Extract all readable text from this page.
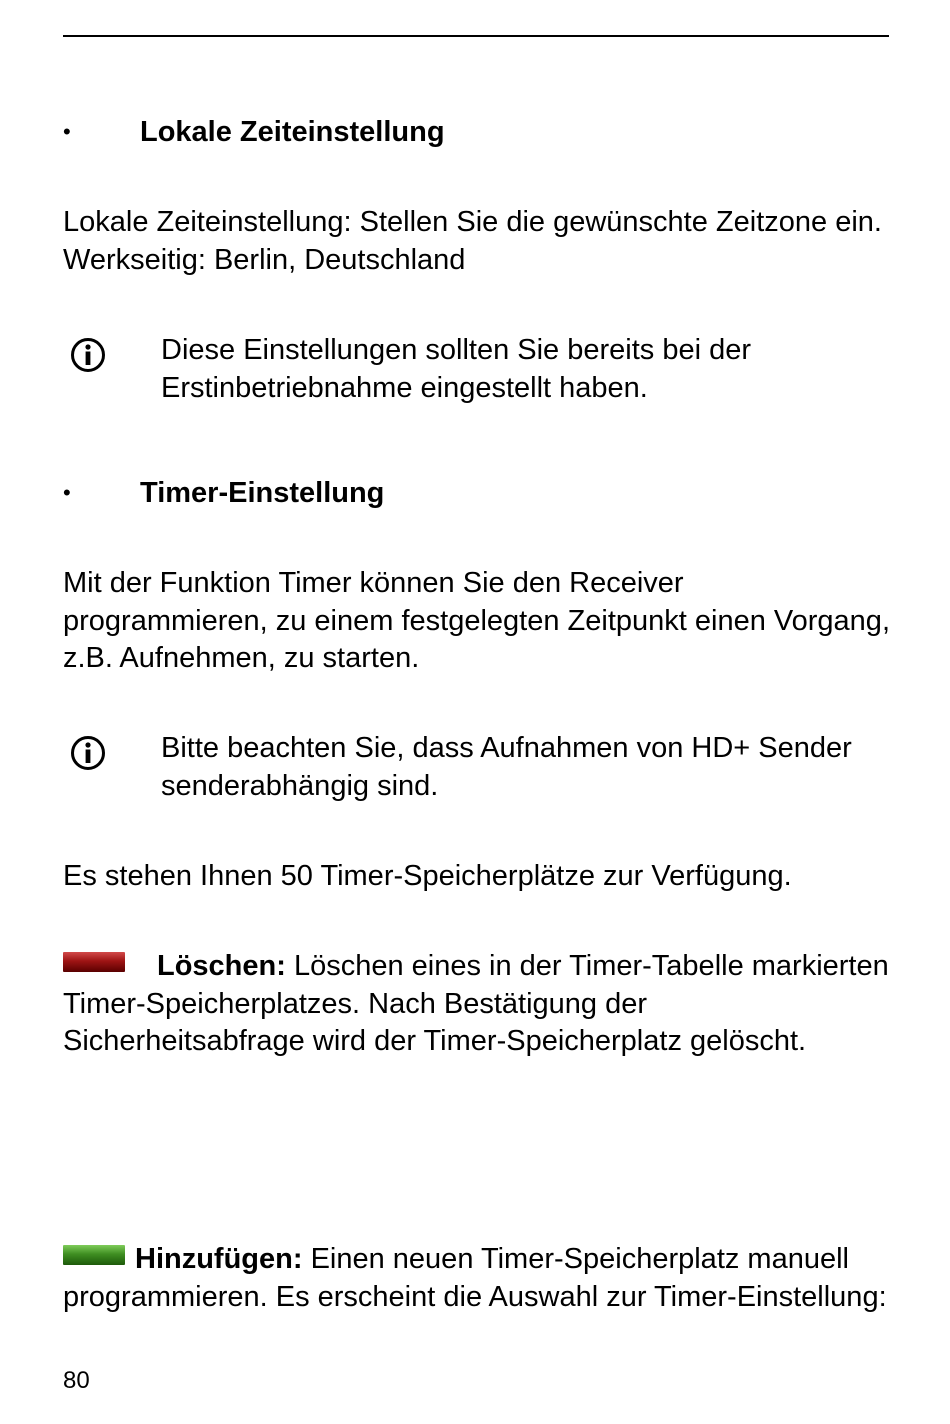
• Lokale Zeiteinstellung
Lokale Zeiteinstellung: Stellen Sie die gewünschte Zeitzone ein. Werkseitig: Berlin, Deutschland
Diese Einstellungen sollten Sie bereits bei der Erstinbetriebnahme eingestellt haben.
• Timer-Einstellung
Mit der Funktion Timer können Sie den Receiver programmieren, zu einem festgelegten Zeitpunkt einen Vorgang, z.B. Aufnehmen, zu starten.
Bitte beachten Sie, dass Aufnahmen von HD+ Sender senderabhängig sind.
Es stehen Ihnen 50 Timer-Speicherplätze zur Verfügung.
Löschen: Löschen eines in der Timer-Tabelle markierten Timer-Speicherplatzes. Nach Bestätigung der Sicherheitsabfrage wird der Timer-Speicherplatz gelöscht.
Hinzufügen: Einen neuen Timer-Speicherplatz manuell programmieren. Es erscheint die Auswahl zur Timer-Einstellung:
80
